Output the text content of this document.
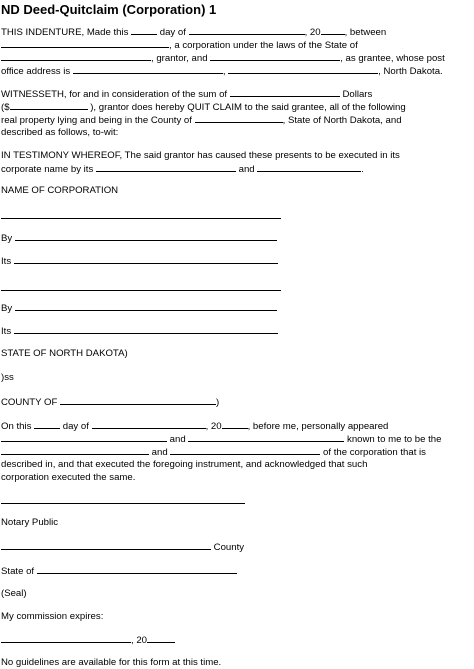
ND Deed-Quitclaim (Corporation) 1
THIS INDENTURE, Made this	day of	, 20	, between
, a corporation under the laws of the State of
, grantor, and	, as grantee, whose post
office address is	,	, North Dakota.
WITNESSETH, for and in consideration of the sum of	Dollars
($	), grantor does hereby QUIT CLAIM to the said grantee, all of the following
real property lying and being in the County of	, State of North Dakota, and
described as follows, to-wit:
IN TESTIMONY WHEREOF, The said grantor has caused these presents to be executed in its
corporate name by its	and	.
NAME OF CORPORATION
By
Its
By
Its
STATE OF NORTH DAKOTA)
)ss
COUNTY OF	)
On this	day of	, 20	, before me, personally appeared
and	known to me to be the
and	of the corporation that is
described in, and that executed the foregoing instrument, and acknowledged that such
corporation executed the same.
Notary Public
County
State of
(Seal)
My commission expires:
, 20
No guidelines are available for this form at this time.
